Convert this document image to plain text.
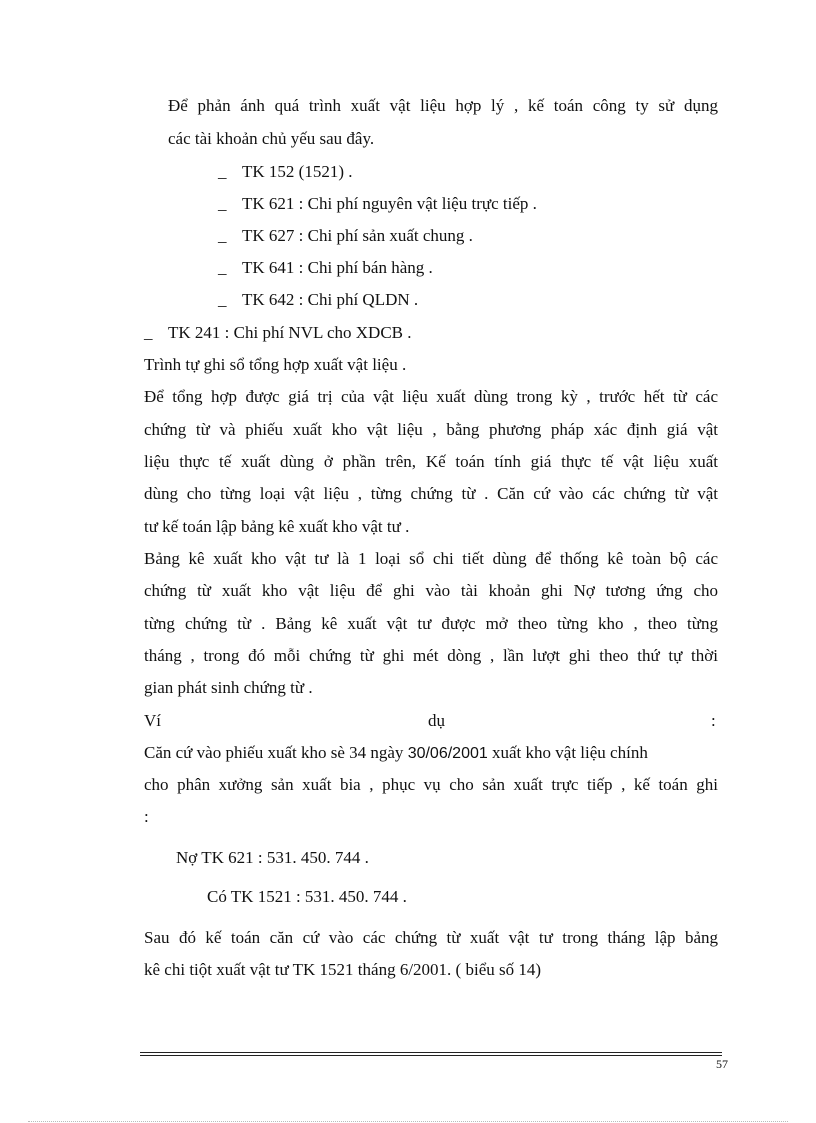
Để phản ánh quá trình xuất vật liệu hợp lý , kế toán công ty sử dụng
các tài khoản chủ yếu sau đây.
_ TK 152 (1521) .
_ TK 621 : Chi phí nguyên vật liệu trực tiếp .
_ TK 627 : Chi phí sản xuất chung .
_ TK 641 : Chi phí bán hàng .
_ TK 642 : Chi phí QLDN .
_ TK 241 : Chi phí NVL cho XDCB .
Trình tự ghi sổ tổng hợp xuất vật liệu .
Để tổng hợp được giá trị của vật liệu xuất dùng trong kỳ , trước hết từ các
chứng từ và phiếu xuất kho vật liệu , bằng phương pháp xác định giá vật
liệu thực tế xuất dùng ở phần trên, Kế toán tính giá thực tế vật liệu xuất
dùng cho từng loại vật liệu , từng chứng từ . Căn cứ vào các chứng từ vật
tư kế toán lập bảng kê xuất kho vật tư .
Bảng kê xuất kho vật tư là 1 loại sổ chi tiết dùng để thống kê toàn bộ các
chứng từ xuất kho vật liệu để ghi vào tài khoản ghi Nợ tương ứng cho
từng chứng từ . Bảng kê xuất vật tư được mở theo từng kho , theo từng
tháng , trong đó mỗi chứng từ ghi mét dòng , lần lượt ghi theo thứ tự thời
gian phát sinh chứng từ .
Ví	dụ	:
Căn cứ vào phiếu xuất kho sè 34 ngày 30/06/2001 xuất kho vật liệu chính
cho phân xưởng sản xuất bia , phục vụ cho sản xuất trực tiếp , kế toán ghi
:
Nợ TK 621 : 531. 450. 744 .
Có TK 1521 : 531. 450. 744 .
Sau đó kế toán căn cứ vào các chứng từ xuất vật tư trong tháng lập bảng
kê chi tiột xuất vật tư TK 1521 tháng 6/2001. ( biểu số 14)
57
